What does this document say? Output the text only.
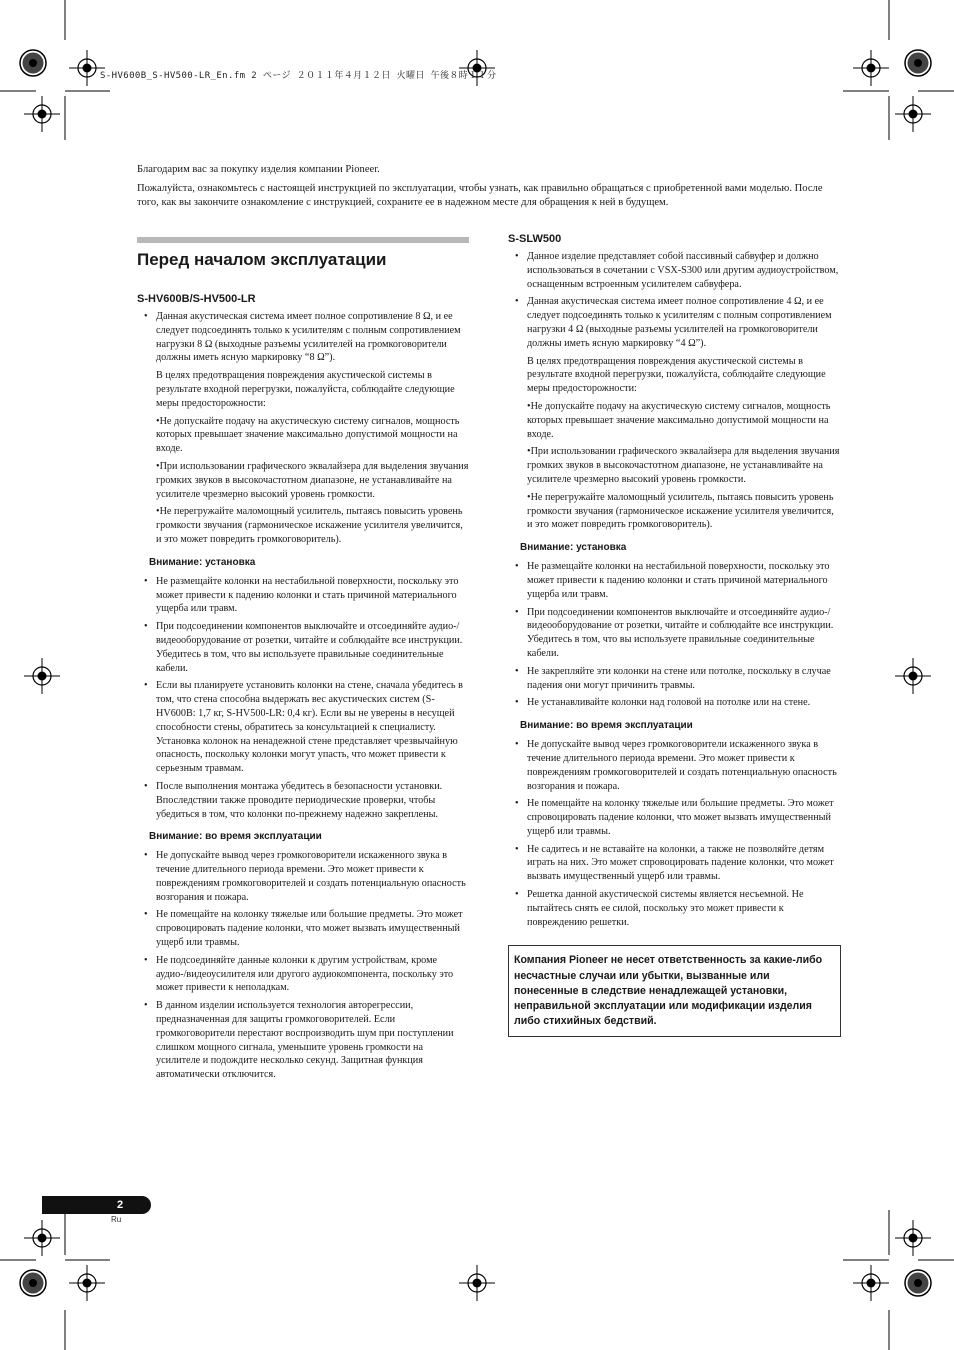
S-HV600B_S-HV500-LR_En.fm 2 ページ ２０１１年４月１２日 火曜日 午後８時１１分

Благодарим вас за покупку изделия компании Pioneer.

Пожалуйста, ознакомьтесь с настоящей инструкцией по эксплуатации, чтобы узнать, как правильно обращаться с приобретенной вами моделью. После того, как вы закончите ознакомление с инструкцией, сохраните ее в надежном месте для обращения к ней в будущем.

Перед началом эксплуатации
S-HV600B/S-HV500-LR
• Данная акустическая система имеет полное сопротивление 8 Ω, и ее следует подсоединять только к усилителям с полным сопротивлением нагрузки 8 Ω (выходные разъемы усилителей на громкоговорители должны иметь ясную маркировку “8 Ω”).
В целях предотвращения повреждения акустической системы в результате входной перегрузки, пожалуйста, соблюдайте следующие меры предосторожности:
•Не допускайте подачу на акустическую систему сигналов, мощность которых превышает значение максимально допустимой мощности на входе.
•При использовании графического эквалайзера для выделения звучания громких звуков в высокочастотном диапазоне, не устанавливайте на усилителе чрезмерно высокий уровень громкости.
•Не перегружайте маломощный усилитель, пытаясь повысить уровень громкости звучания (гармоническое искажение усилителя увеличится, и это может повредить громкоговоритель).
Внимание: установка
• Не размещайте колонки на нестабильной поверхности, поскольку это может привести к падению колонки и стать причиной материального ущерба или травм.
• При подсоединении компонентов выключайте и отсоединяйте аудио-/видеооборудование от розетки, читайте и соблюдайте все инструкции. Убедитесь в том, что вы используете правильные соединительные кабели.
• Если вы планируете установить колонки на стене, сначала убедитесь в том, что стена способна выдержать вес акустических систем (S-HV600B: 1,7 кг, S-HV500-LR: 0,4 кг). Если вы не уверены в несущей способности стены, обратитесь за консультацией к специалисту. Установка колонок на ненадежной стене представляет чрезвычайную опасность, поскольку колонки могут упасть, что может привести к серьезным травмам.
• После выполнения монтажа убедитесь в безопасности установки. Впоследствии также проводите периодические проверки, чтобы убедиться в том, что колонки по-прежнему надежно закреплены.
Внимание: во время эксплуатации
• Не допускайте вывод через громкоговорители искаженного звука в течение длительного периода времени. Это может привести к повреждениям громкоговорителей и создать потенциальную опасность возгорания и пожара.
• Не помещайте на колонку тяжелые или большие предметы. Это может спровоцировать падение колонки, что может вызвать имущественный ущерб или травмы.
• Не подсоединяйте данные колонки к другим устройствам, кроме аудио-/видеоусилителя или другого аудиокомпонента, поскольку это может привести к неполадкам.
• В данном изделии используется технология авторегрессии, предназначенная для защиты громкоговорителей. Если громкоговорители перестают воспроизводить шум при поступлении слишком мощного сигнала, уменьшите уровень громкости на усилителе и подождите несколько секунд. Защитная функция автоматически отключится.
S-SLW500
• Данное изделие представляет собой пассивный сабвуфер и должно использоваться в сочетании с VSX-S300 или другим аудиоустройством, оснащенным встроенным усилителем сабвуфера.
• Данная акустическая система имеет полное сопротивление 4 Ω, и ее следует подсоединять только к усилителям с полным сопротивлением нагрузки 4 Ω (выходные разъемы усилителей на громкоговорители должны иметь ясную маркировку “4 Ω”).
В целях предотвращения повреждения акустической системы в результате входной перегрузки, пожалуйста, соблюдайте следующие меры предосторожности:
•Не допускайте подачу на акустическую систему сигналов, мощность которых превышает значение максимально допустимой мощности на входе.
•При использовании графического эквалайзера для выделения звучания громких звуков в высокочастотном диапазоне, не устанавливайте на усилителе чрезмерно высокий уровень громкости.
•Не перегружайте маломощный усилитель, пытаясь повысить уровень громкости звучания (гармоническое искажение усилителя увеличится, и это может повредить громкоговоритель).
Внимание: установка
• Не размещайте колонки на нестабильной поверхности, поскольку это может привести к падению колонки и стать причиной материального ущерба или травм.
• При подсоединении компонентов выключайте и отсоединяйте аудио-/видеооборудование от розетки, читайте и соблюдайте все инструкции. Убедитесь в том, что вы используете правильные соединительные кабели.
• Не закрепляйте эти колонки на стене или потолке, поскольку в случае падения они могут причинить травмы.
• Не устанавливайте колонки над головой на потолке или на стене.
Внимание: во время эксплуатации
• Не допускайте вывод через громкоговорители искаженного звука в течение длительного периода времени. Это может привести к повреждениям громкоговорителей и создать потенциальную опасность возгорания и пожара.
• Не помещайте на колонку тяжелые или большие предметы. Это может спровоцировать падение колонки, что может вызвать имущественный ущерб или травмы.
• Не садитесь и не вставайте на колонки, а также не позволяйте детям играть на них. Это может спровоцировать падение колонки, что может вызвать имущественный ущерб или травмы.
• Решетка данной акустической системы является несъемной. Не пытайтесь снять ее силой, поскольку это может привести к повреждению решетки.
Компания Pioneer не несет ответственность за какие-либо несчастные случаи или убытки, вызванные или понесенные в следствие ненадлежащей установки, неправильной эксплуатации или модификации изделия либо стихийных бедствий.
2
Ru
